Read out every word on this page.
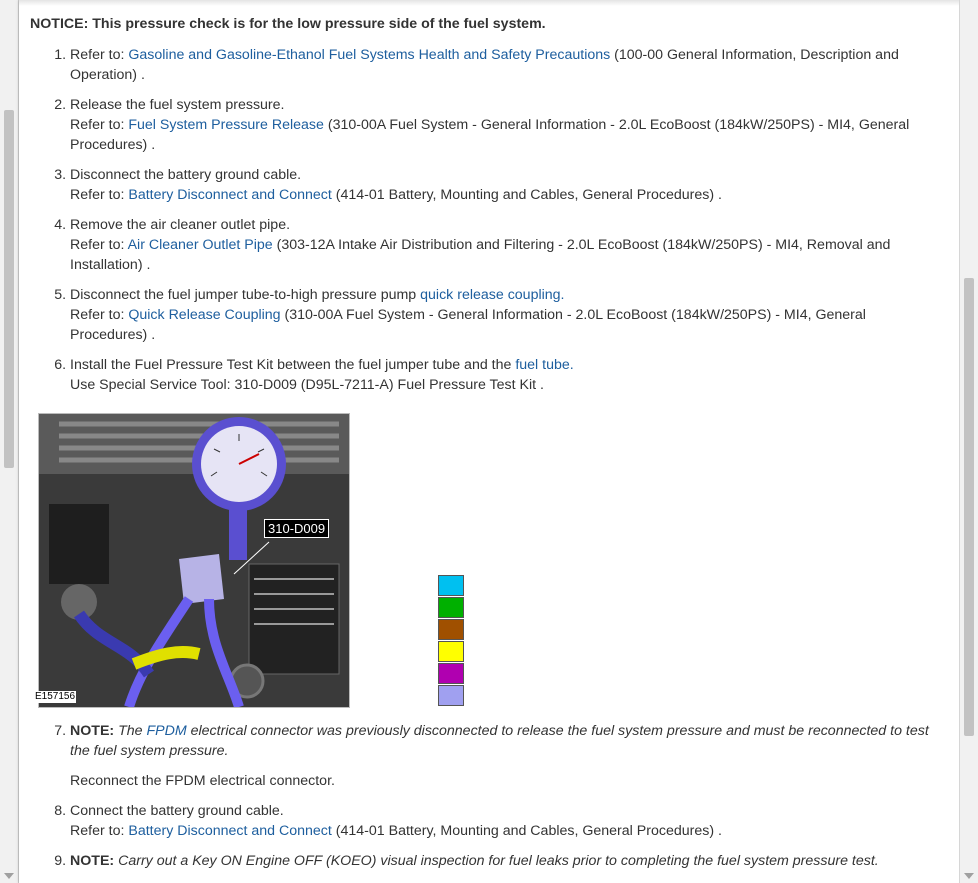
NOTICE: This pressure check is for the low pressure side of the fuel system.

1. Refer to: Gasoline and Gasoline-Ethanol Fuel Systems Health and Safety Precautions (100-00 General Information, Description and Operation) .
2. Release the fuel system pressure.
Refer to: Fuel System Pressure Release (310-00A Fuel System - General Information - 2.0L EcoBoost (184kW/250PS) - MI4, General Procedures) .
3. Disconnect the battery ground cable.
Refer to: Battery Disconnect and Connect (414-01 Battery, Mounting and Cables, General Procedures) .
4. Remove the air cleaner outlet pipe.
Refer to: Air Cleaner Outlet Pipe (303-12A Intake Air Distribution and Filtering - 2.0L EcoBoost (184kW/250PS) - MI4, Removal and Installation) .
5. Disconnect the fuel jumper tube-to-high pressure pump quick release coupling.
Refer to: Quick Release Coupling (310-00A Fuel System - General Information - 2.0L EcoBoost (184kW/250PS) - MI4, General Procedures) .
6. Install the Fuel Pressure Test Kit between the fuel jumper tube and the fuel tube.
Use Special Service Tool: 310-D009 (D95L-7211-A) Fuel Pressure Test Kit .
310-D009
E157156
7. NOTE: The FPDM electrical connector was previously disconnected to release the fuel system pressure and must be reconnected to test the fuel system pressure.
Reconnect the FPDM electrical connector.
8. Connect the battery ground cable.
Refer to: Battery Disconnect and Connect (414-01 Battery, Mounting and Cables, General Procedures) .
9. NOTE: Carry out a Key ON Engine OFF (KOEO) visual inspection for fuel leaks prior to completing the fuel system pressure test.
